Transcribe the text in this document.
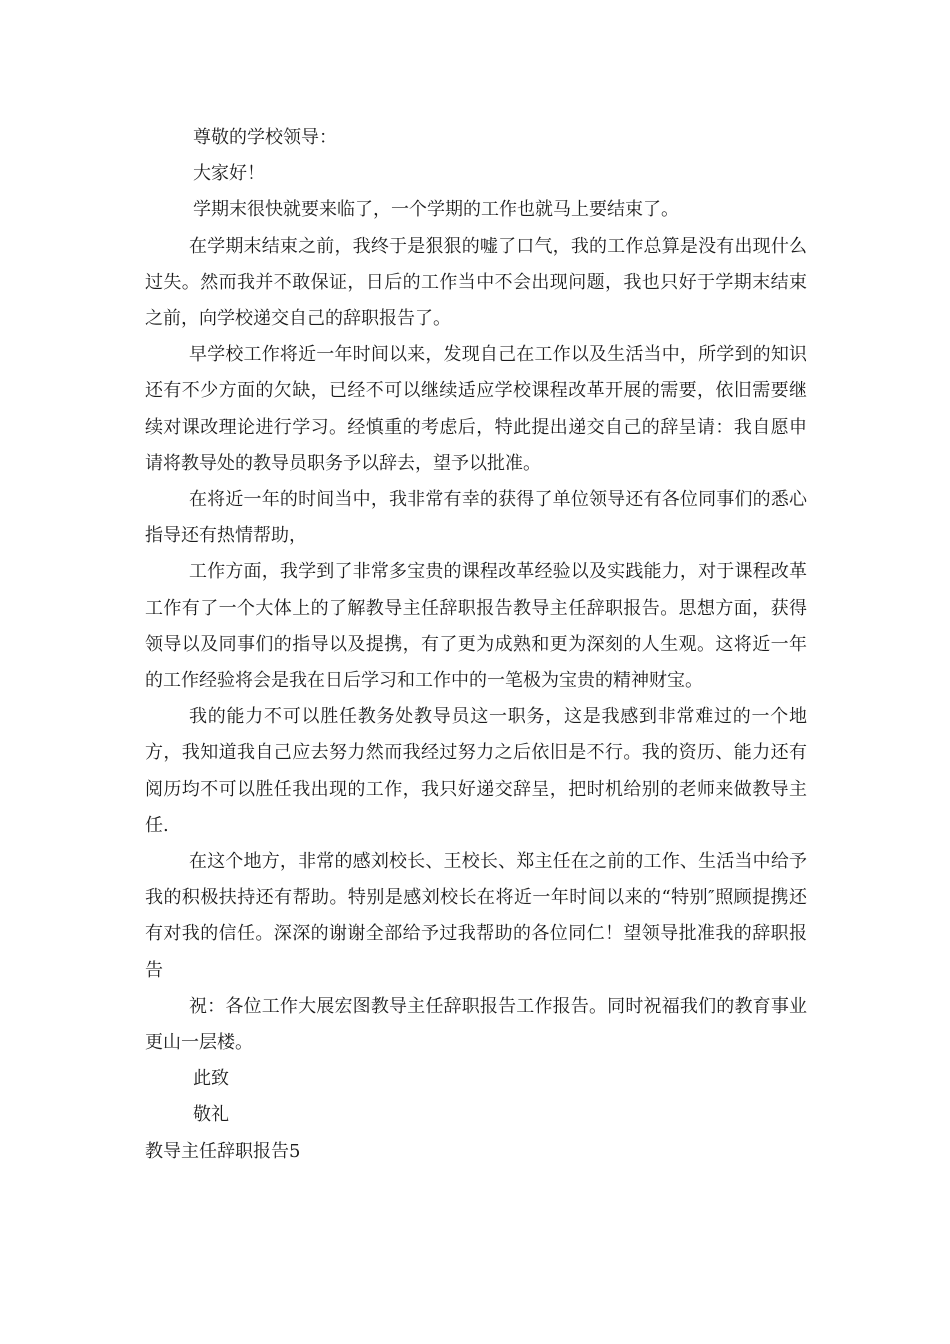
尊敬的学校领导：

大家好！

学期末很快就要来临了，一个学期的工作也就马上要结束了。

在学期末结束之前，我终于是狠狠的嘘了口气，我的工作总算是没有出现什么过失。然而我并不敢保证，日后的工作当中不会出现问题，我也只好于学期末结束之前，向学校递交自己的辞职报告了。

早学校工作将近一年时间以来，发现自己在工作以及生活当中，所学到的知识还有不少方面的欠缺，已经不可以继续适应学校课程改革开展的需要，依旧需要继续对课改理论进行学习。经慎重的考虑后，特此提出递交自己的辞呈请：我自愿申请将教导处的教导员职务予以辞去，望予以批准。

在将近一年的时间当中，我非常有幸的获得了单位领导还有各位同事们的悉心指导还有热情帮助，

工作方面，我学到了非常多宝贵的课程改革经验以及实践能力，对于课程改革工作有了一个大体上的了解教导主任辞职报告教导主任辞职报告。思想方面，获得领导以及同事们的指导以及提携，有了更为成熟和更为深刻的人生观。这将近一年的工作经验将会是我在日后学习和工作中的一笔极为宝贵的精神财宝。

我的能力不可以胜任教务处教导员这一职务，这是我感到非常难过的一个地方，我知道我自己应去努力然而我经过努力之后依旧是不行。我的资历、能力还有阅历均不可以胜任我出现的工作，我只好递交辞呈，把时机给别的老师来做教导主任.

在这个地方，非常的感刘校长、王校长、郑主任在之前的工作、生活当中给予我的积极扶持还有帮助。特别是感刘校长在将近一年时间以来的“特别″照顾提携还有对我的信任。深深的谢谢全部给予过我帮助的各位同仁！望领导批准我的辞职报告

祝：各位工作大展宏图教导主任辞职报告工作报告。同时祝福我们的教育事业更山一层楼。

此致

敬礼

教导主任辞职报告5
